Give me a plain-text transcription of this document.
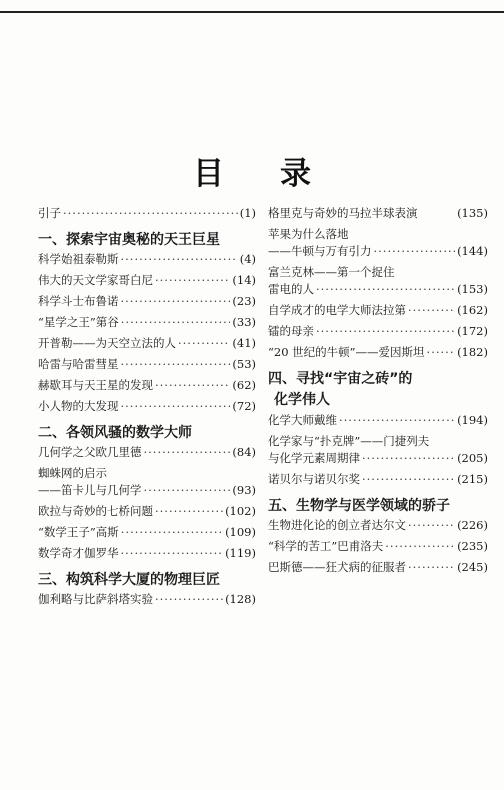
目录
引子 ·····	(1)
一、探索宇宙奥秘的天王巨星
科学始祖泰勒斯 ·····	(4)
伟大的天文学家哥白尼 ·····	(14)
科学斗士布鲁诺 ·····	(23)
“星学之王”第谷 ·····	(33)
开普勒——为天空立法的人 ·····	(41)
哈雷与哈雷彗星 ·····	(53)
赫歇耳与天王星的发现 ·····	(62)
小人物的大发现 ·····	(72)
二、各领风骚的数学大师
几何学之父欧几里德 ·····	(84)
蜘蛛网的启示
——笛卡儿与几何学 ·····	(93)
欧拉与奇妙的七桥问题 ·····	(102)
“数学王子”高斯 ·····	(109)
数学奇才伽罗华 ·····	(119)
三、构筑科学大厦的物理巨匠
伽利略与比萨斜塔实验 ·····	(128)
格里克与奇妙的马拉半球表演	(135)
苹果为什么落地
——牛顿与万有引力 ·····	(144)
富兰克林——第一个捉住
雷电的人 ·····	(153)
自学成才的电学大师法拉第 ·····	(162)
镭的母亲 ·····	(172)
“20 世纪的牛顿”——爱因斯坦 ·····	(182)
四、寻找“宇宙之砖”的
化学伟人
化学大师戴维 ·····	(194)
化学家与“扑克牌”——门捷列夫
与化学元素周期律 ·····	(205)
诺贝尔与诺贝尔奖 ·····	(215)
五、生物学与医学领域的骄子
生物进化论的创立者达尔文 ·····	(226)
“科学的苦工”巴甫洛夫 ·····	(235)
巴斯德——狂犬病的征服者 ·····	(245)
